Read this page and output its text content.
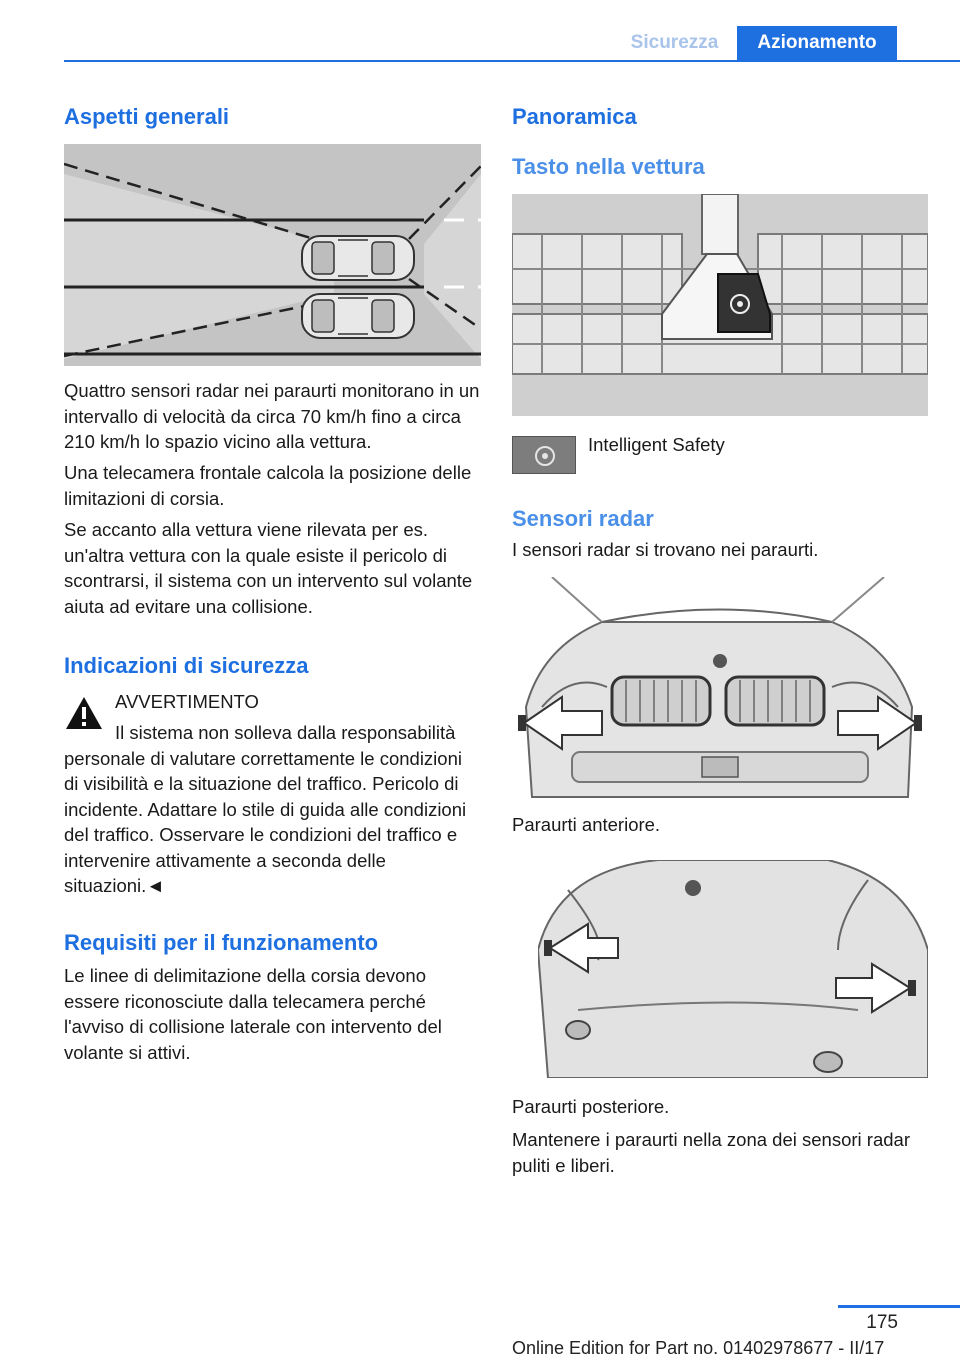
Sicurezza	Azionamento
Aspetti generali

Quattro sensori radar nei paraurti monitorano in un intervallo di velocità da circa 70 km/h fino a circa 210 km/h lo spazio vicino alla vettura.

Una telecamera frontale calcola la posizione delle limitazioni di corsia.

Se accanto alla vettura viene rilevata per es. un'altra vettura con la quale esiste il pericolo di scontrarsi, il sistema con un intervento sul volante aiuta ad evitare una collisione.

Indicazioni di sicurezza

AVVERTIMENTO

Il sistema non solleva dalla responsabilità personale di valutare correttamente le condizioni di visibilità e la situazione del traffico. Pericolo di incidente. Adattare lo stile di guida alle condizioni del traffico. Osservare le condizioni del traffico e intervenire attivamente a seconda delle situazioni.◄

Requisiti per il funzionamento

Le linee di delimitazione della corsia devono essere riconosciute dalla telecamera perché l'avviso di collisione laterale con intervento del volante si attivi.

Panoramica
Tasto nella vettura

Intelligent Safety

Sensori radar

I sensori radar si trovano nei paraurti.

Paraurti anteriore.

Paraurti posteriore.

Mantenere i paraurti nella zona dei sensori radar puliti e liberi.

175
Online Edition for Part no. 01402978677 - II/17
